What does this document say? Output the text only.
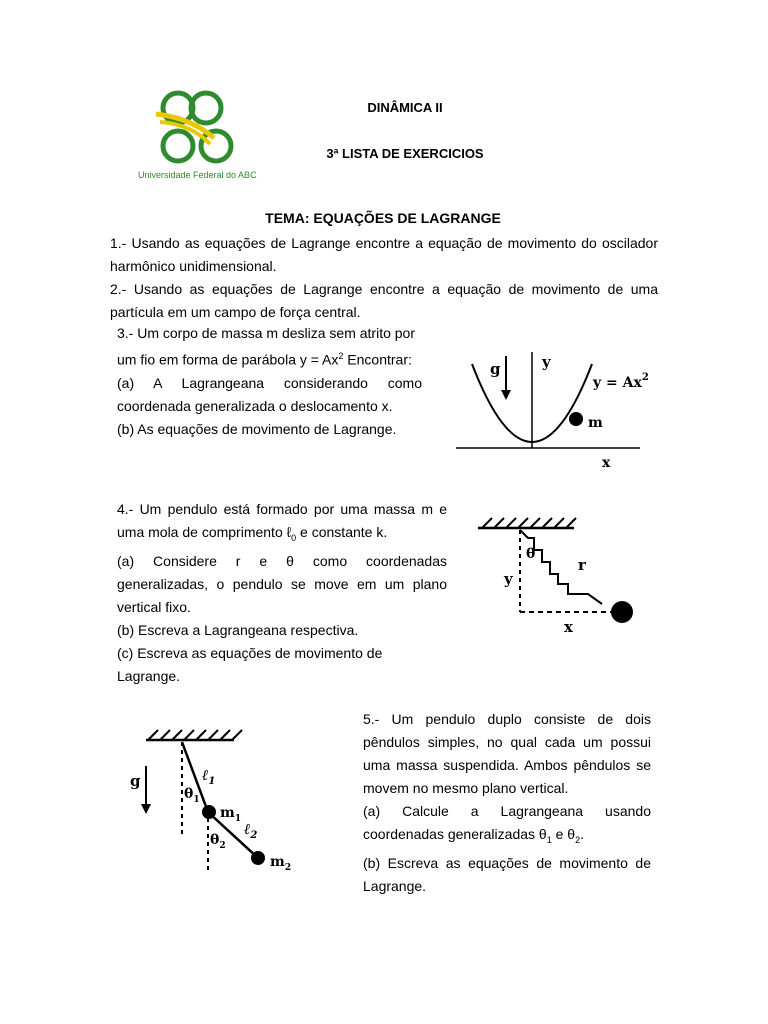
Universidade Federal do ABC
DINÂMICA II
3ª LISTA DE EXERCICIOS
TEMA: EQUAÇÕES DE LAGRANGE

1.- Usando as equações de Lagrange encontre a equação de movimento do oscilador

harmônico unidimensional.

2.- Usando as equações de Lagrange encontre a equação de movimento de uma

partícula em um campo de força central.

3.- Um corpo de massa m desliza sem atrito por

um fio em forma de parábola $y = Ax^2$ Encontrar:

(a) A Lagrangeana considerando como

coordenada generalizada o deslocamento x.

(b) As equações de movimento de Lagrange.

g	y
$y = Ax^2$
m
x

4.- Um pendulo está formado por uma massa m e

uma mola de comprimento ℓ$_0$ e constante k.

(a) Considere r e θ como coordenadas

generalizadas, o pendulo se move em um plano

vertical fixo.

(b) Escreva a Lagrangeana respectiva.

(c) Escreva as equações de movimento de

Lagrange.

θ
r
y
x
g	ℓ$_1$
$\theta_1$
$m_1$
$\theta_2$
ℓ$_2$
$m_2$

5.- Um pendulo duplo consiste de dois

pêndulos simples, no qual cada um possui

uma massa suspendida. Ambos pêndulos se

movem no mesmo plano vertical.

(a) Calcule a Lagrangeana usando

coordenadas generalizadas $\theta_1$ e $\theta_2$.

(b) Escreva as equações de movimento de

Lagrange.
